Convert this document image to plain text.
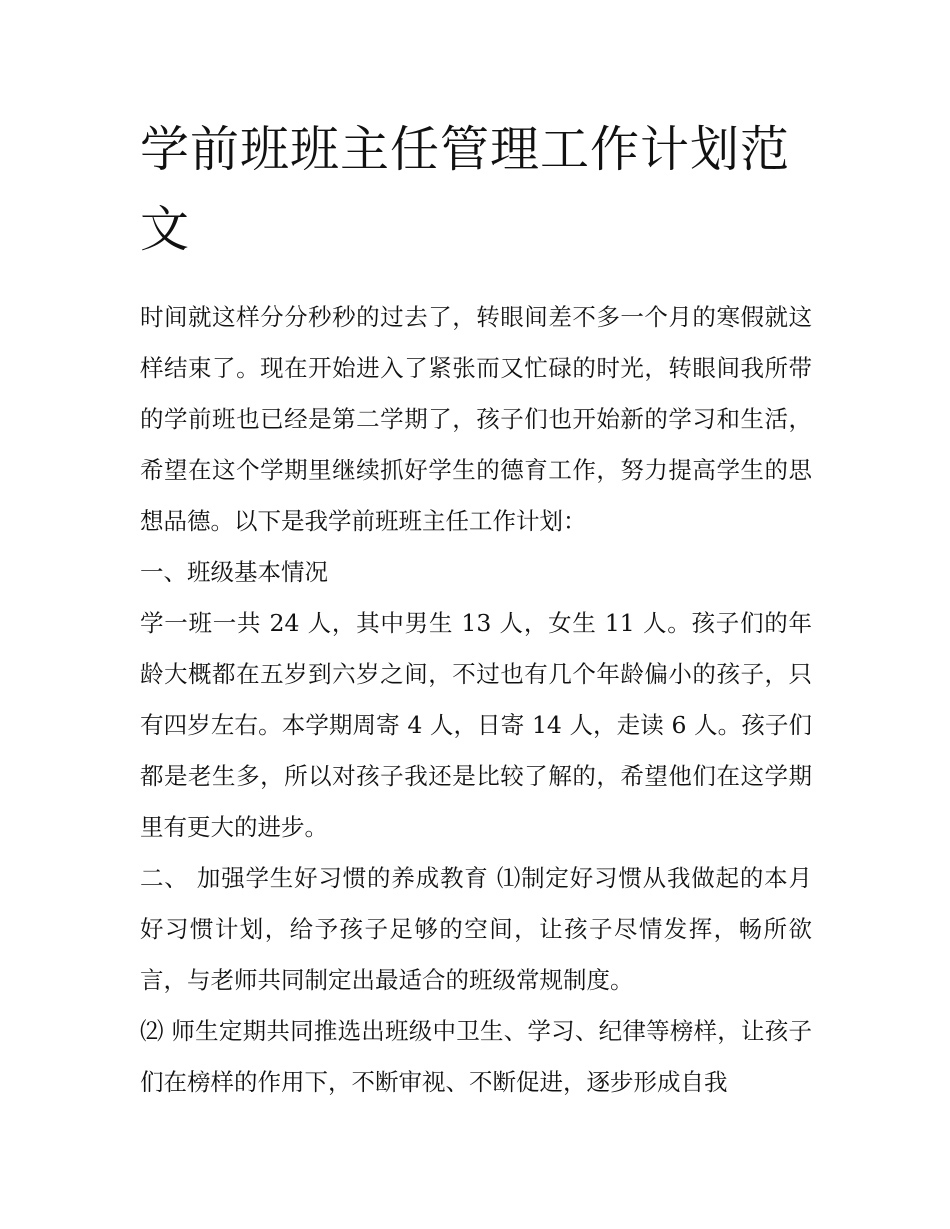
学前班班主任管理工作计划范文

时间就这样分分秒秒的过去了，转眼间差不多一个月的寒假就这样结束了。现在开始进入了紧张而又忙碌的时光，转眼间我所带的学前班也已经是第二学期了，孩子们也开始新的学习和生活，希望在这个学期里继续抓好学生的德育工作，努力提高学生的思想品德。以下是我学前班班主任工作计划：

一、班级基本情况

学一班一共 24 人，其中男生 13 人，女生 11 人。孩子们的年龄大概都在五岁到六岁之间，不过也有几个年龄偏小的孩子，只有四岁左右。本学期周寄 4 人，日寄 14 人，走读 6 人。孩子们都是老生多，所以对孩子我还是比较了解的，希望他们在这学期里有更大的进步。

二、 加强学生好习惯的养成教育 ⑴制定好习惯从我做起的本月好习惯计划，给予孩子足够的空间，让孩子尽情发挥，畅所欲言，与老师共同制定出最适合的班级常规制度。

⑵ 师生定期共同推选出班级中卫生、学习、纪律等榜样，让孩子们在榜样的作用下，不断审视、不断促进，逐步形成自我
